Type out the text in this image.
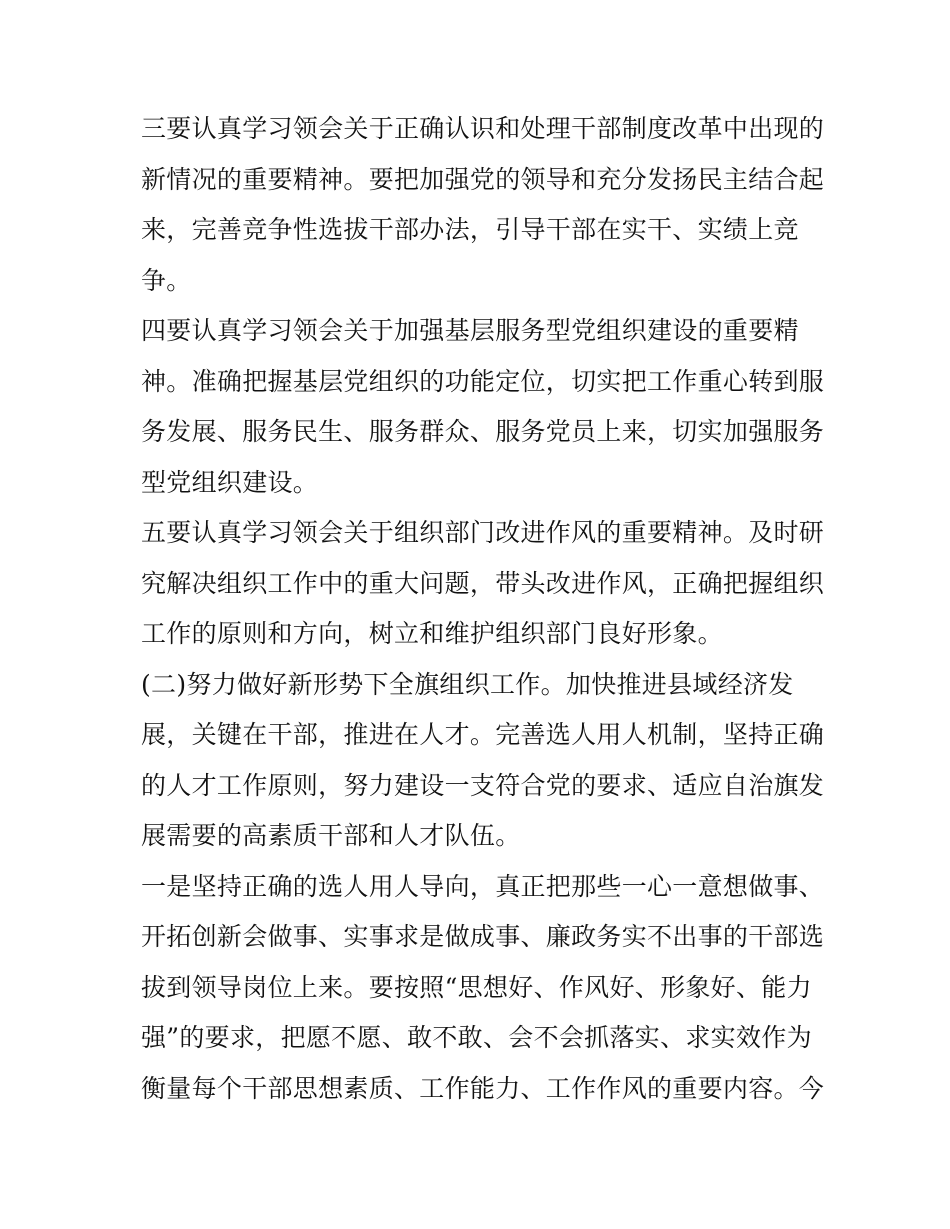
三要认真学习领会关于正确认识和处理干部制度改革中出现的
新情况的重要精神。要把加强党的领导和充分发扬民主结合起
来，完善竞争性选拔干部办法，引导干部在实干、实绩上竞
争。
四要认真学习领会关于加强基层服务型党组织建设的重要精
神。准确把握基层党组织的功能定位，切实把工作重心转到服
务发展、服务民生、服务群众、服务党员上来，切实加强服务
型党组织建设。
五要认真学习领会关于组织部门改进作风的重要精神。及时研
究解决组织工作中的重大问题，带头改进作风，正确把握组织
工作的原则和方向，树立和维护组织部门良好形象。
(二)努力做好新形势下全旗组织工作。加快推进县域经济发
展，关键在干部，推进在人才。完善选人用人机制，坚持正确
的人才工作原则，努力建设一支符合党的要求、适应自治旗发
展需要的高素质干部和人才队伍。
一是坚持正确的选人用人导向，真正把那些一心一意想做事、
开拓创新会做事、实事求是做成事、廉政务实不出事的干部选
拔到领导岗位上来。要按照“思想好、作风好、形象好、能力
强”的要求，把愿不愿、敢不敢、会不会抓落实、求实效作为
衡量每个干部思想素质、工作能力、工作作风的重要内容。今
